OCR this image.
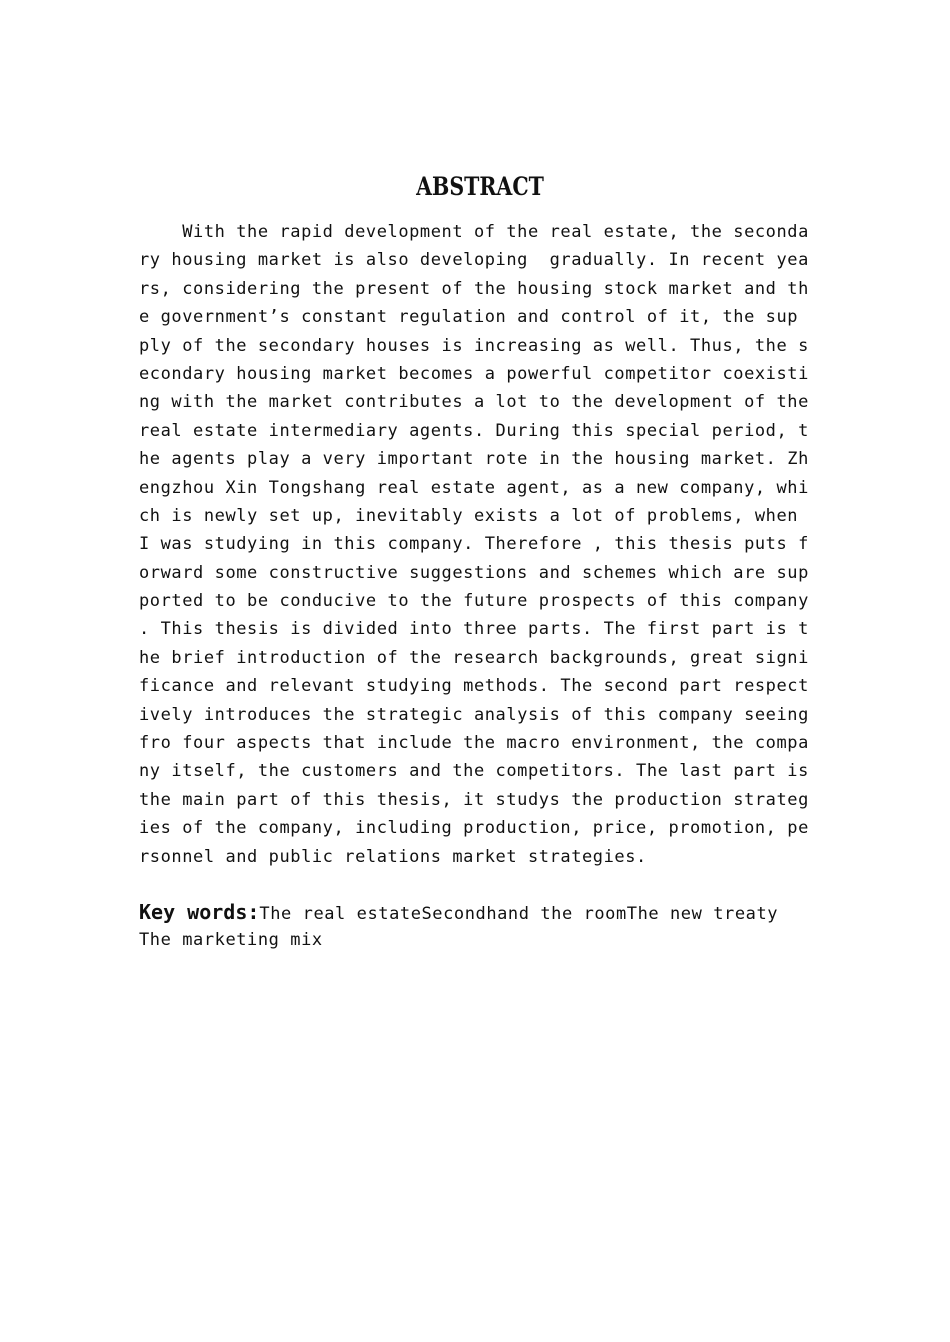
ABSTRACT
With the rapid development of the real estate, the seconda
ry housing market is also developing  gradually. In recent yea
rs, considering the present of the housing stock market and th
e government’s constant regulation and control of it, the sup
ply of the secondary houses is increasing as well. Thus, the s
econdary housing market becomes a powerful competitor coexisti
ng with the market contributes a lot to the development of the
real estate intermediary agents. During this special period, t
he agents play a very important rote in the housing market. Zh
engzhou Xin Tongshang real estate agent, as a new company, whi
ch is newly set up, inevitably exists a lot of problems, when
I was studying in this company. Therefore , this thesis puts f
orward some constructive suggestions and schemes which are sup
ported to be conducive to the future prospects of this company
. This thesis is divided into three parts. The first part is t
he brief introduction of the research backgrounds, great signi
ficance and relevant studying methods. The second part respect
ively introduces the strategic analysis of this company seeing
fro four aspects that include the macro environment, the compa
ny itself, the customers and the competitors. The last part is
the main part of this thesis, it studys the production strateg
ies of the company, including production, price, promotion, pe
rsonnel and public relations market strategies.
Key words:The real estateSecondhand the roomThe new treaty
The marketing mix
